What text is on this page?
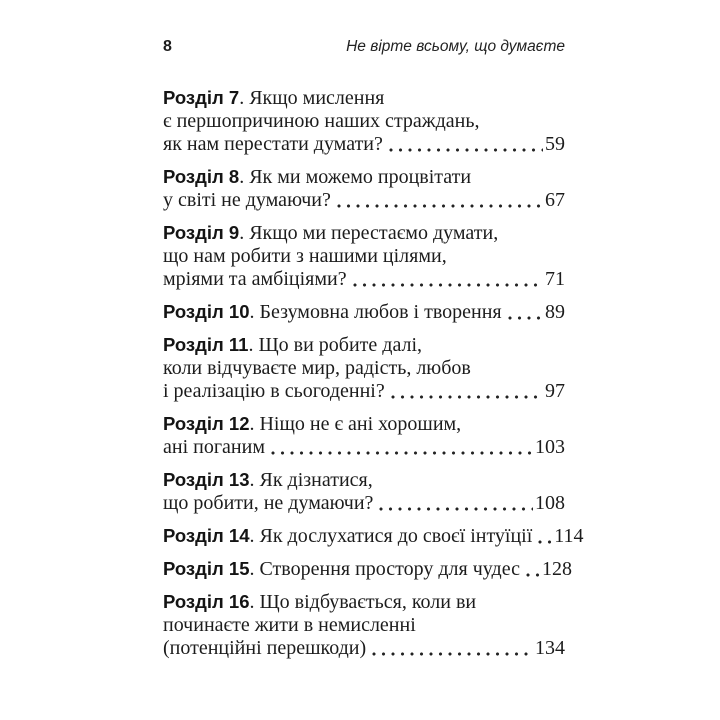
8	Не вірте всьому, що думаєте
Розділ 7. Якщо мислення
є першопричиною наших страждань,
як нам перестати думати?	59
Розділ 8. Як ми можемо процвітати
у світі не думаючи?	67
Розділ 9. Якщо ми перестаємо думати,
що нам робити з нашими цілями,
мріями та амбіціями?	71
Розділ 10 . Безумовна любов і творення 89
Розділ 11. Що ви робите далі,
коли відчуваєте мир, радість, любов
і реалізацію в сьогоденні?	97
Розділ 12. Ніщо не є ані хорошим,
ані поганим	103
Розділ 13. Як дізнатися,
що робити, не думаючи?	108
Розділ 14 . Як дослухатися до своєї інтуїції 114
Розділ 15 . Створення простору для чудес 128
Розділ 16. Що відбувається, коли ви
починаєте жити в немисленні
(потенційні перешкоди)	134
